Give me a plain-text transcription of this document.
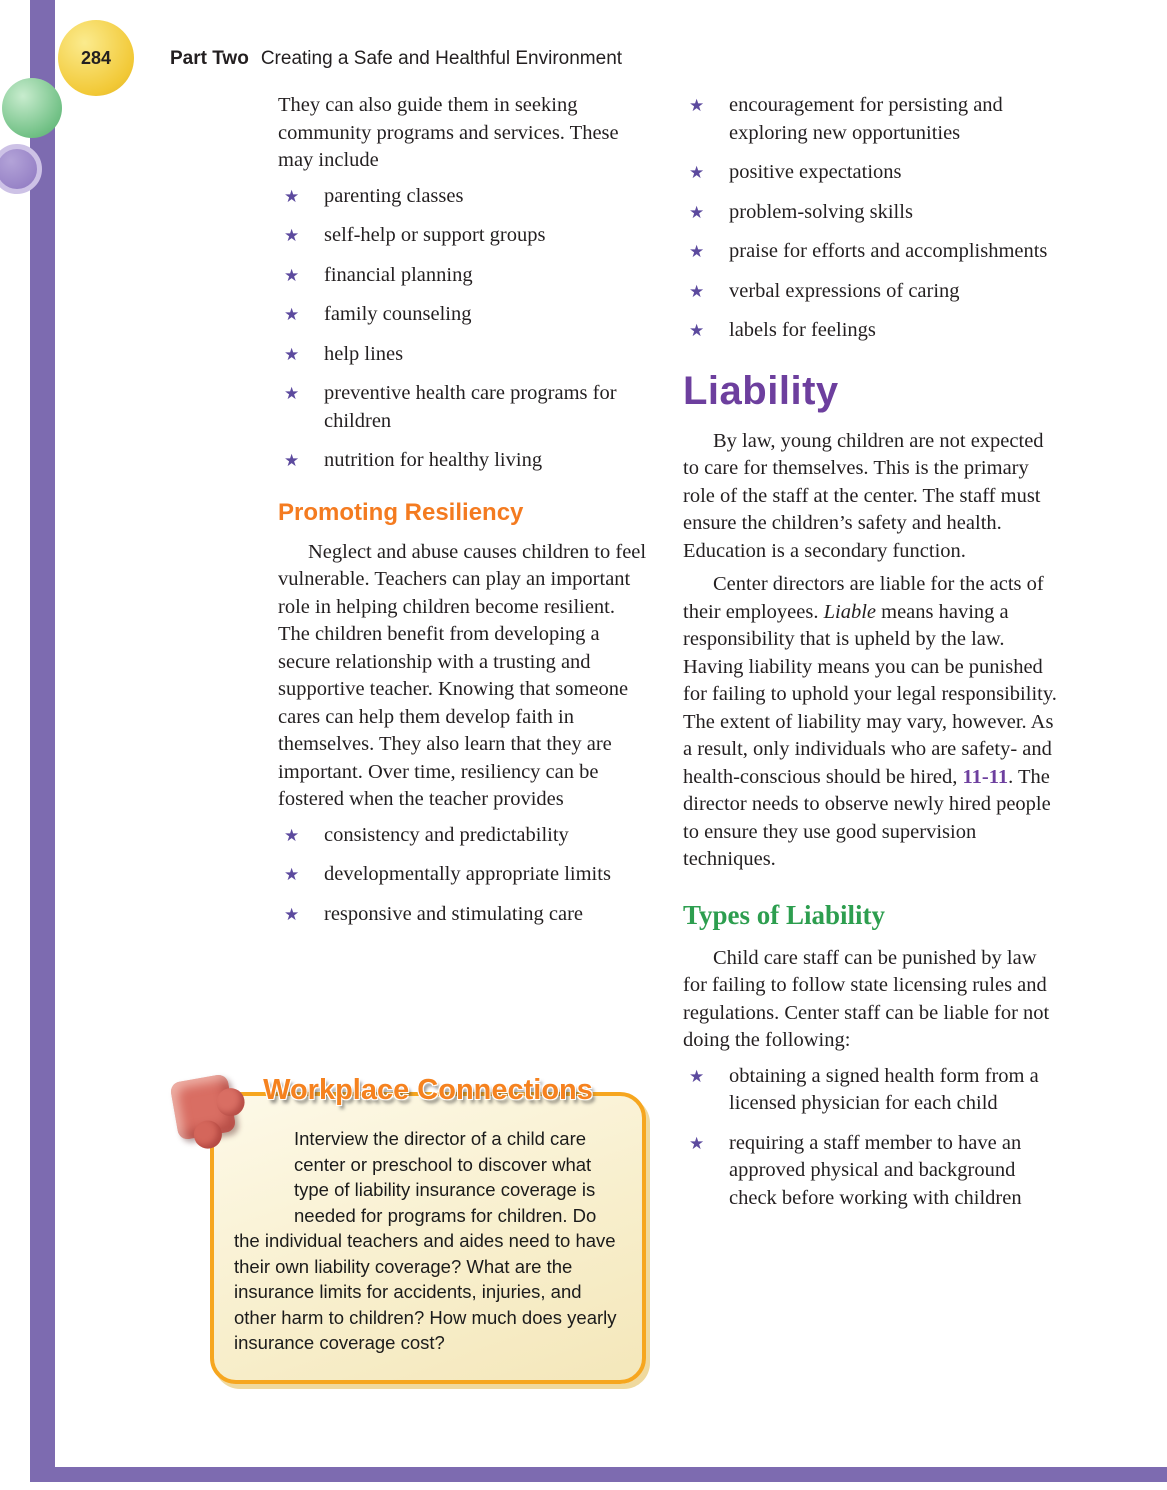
284	Part Two Creating a Safe and Healthful Environment

They can also guide them in seeking community programs and services. These may include

★	parenting classes
★	self-help or support groups
★	financial planning
★	family counseling
★	help lines
★	preventive health care programs for children
★	nutrition for healthy living
Promoting Resiliency

Neglect and abuse causes children to feel vulnerable. Teachers can play an important role in helping children become resilient. The children benefit from developing a secure relationship with a trusting and supportive teacher. Knowing that someone cares can help them develop faith in themselves. They also learn that they are important. Over time, resiliency can be fostered when the teacher provides

★	consistency and predictability
★	developmentally appropriate limits
★	responsive and stimulating care
Workplace Connections

Interview the director of a child care center or preschool to discover what type of liability insurance coverage is needed for programs for children. Do the individual teachers and aides need to have their own liability coverage? What are the insurance limits for accidents, injuries, and other harm to children? How much does yearly insurance coverage cost?

★	encouragement for persisting and exploring new opportunities
★	positive expectations
★	problem-solving skills
★	praise for efforts and accomplishments
★	verbal expressions of caring
★	labels for feelings
Liability

By law, young children are not expected to care for themselves. This is the primary role of the staff at the center. The staff must ensure the children’s safety and health. Education is a secondary function.

Center directors are liable for the acts of their employees. Liable means having a responsibility that is upheld by the law. Having liability means you can be punished for failing to uphold your legal responsibility. The extent of liability may vary, however. As a result, only individuals who are safety- and health-conscious should be hired, 11-11. The director needs to observe newly hired people to ensure they use good supervision techniques.

Types of Liability

Child care staff can be punished by law for failing to follow state licensing rules and regulations. Center staff can be liable for not doing the following:

★	obtaining a signed health form from a licensed physician for each child
★	requiring a staff member to have an approved physical and background check before working with children
